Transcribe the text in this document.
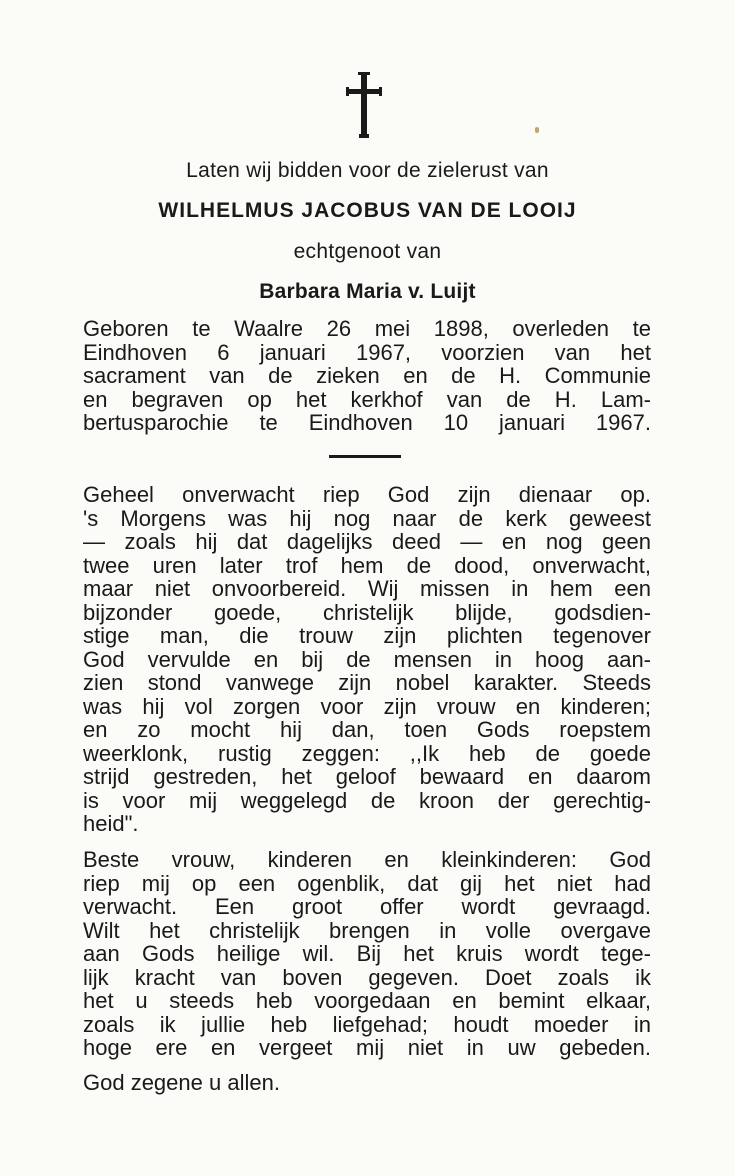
Laten wij bidden voor de zielerust van
WILHELMUS JACOBUS VAN DE LOOIJ
echtgenoot van
Barbara Maria v. Luijt
Geboren te Waalre 26 mei 1898, overleden te
Eindhoven 6 januari 1967, voorzien van het
sacrament van de zieken en de H. Communie
en begraven op het kerkhof van de H. Lam-
bertusparochie te Eindhoven 10 januari 1967.
Geheel onverwacht riep God zijn dienaar op.
's Morgens was hij nog naar de kerk geweest
— zoals hij dat dagelijks deed — en nog geen
twee uren later trof hem de dood, onverwacht,
maar niet onvoorbereid. Wij missen in hem een
bijzonder goede, christelijk blijde, godsdien-
stige man, die trouw zijn plichten tegenover
God vervulde en bij de mensen in hoog aan-
zien stond vanwege zijn nobel karakter. Steeds
was hij vol zorgen voor zijn vrouw en kinderen;
en zo mocht hij dan, toen Gods roepstem
weerklonk, rustig zeggen: ,,Ik heb de goede
strijd gestreden, het geloof bewaard en daarom
is voor mij weggelegd de kroon der gerechtig-
heid".
Beste vrouw, kinderen en kleinkinderen: God
riep mij op een ogenblik, dat gij het niet had
verwacht. Een groot offer wordt gevraagd.
Wilt het christelijk brengen in volle overgave
aan Gods heilige wil. Bij het kruis wordt tege-
lijk kracht van boven gegeven. Doet zoals ik
het u steeds heb voorgedaan en bemint elkaar,
zoals ik jullie heb liefgehad; houdt moeder in
hoge ere en vergeet mij niet in uw gebeden.
God zegene u allen.
